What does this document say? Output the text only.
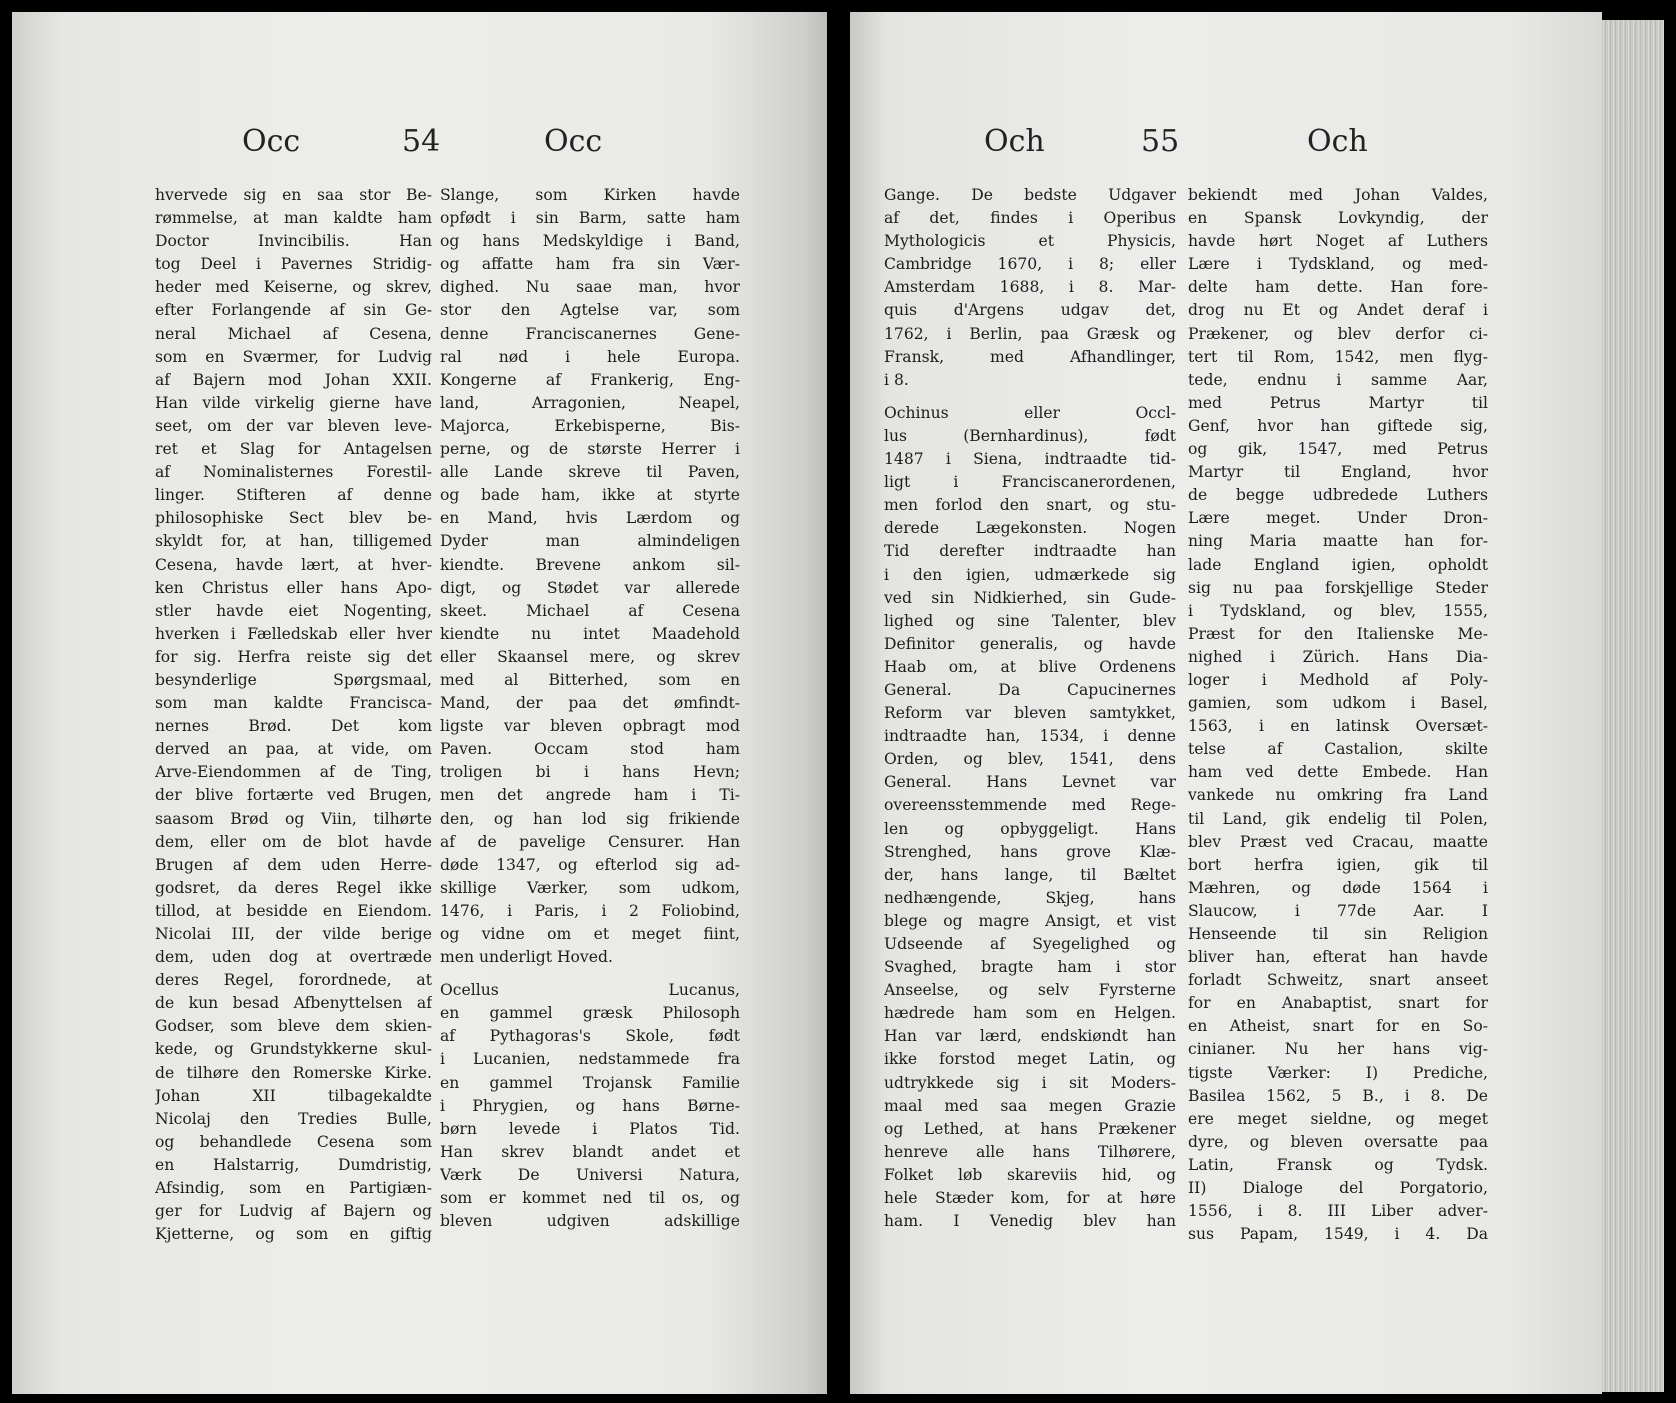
Occ	54	Occ
hvervede sig en saa stor Be-
rømmelse, at man kaldte ham
Doctor Invincibilis. Han
tog Deel i Pavernes Stridig-
heder med Keiserne, og skrev,
efter Forlangende af sin Ge-
neral Michael af Cesena,
som en Sværmer, for Ludvig
af Bajern mod Johan XXII.
Han vilde virkelig gierne have
seet, om der var bleven leve-
ret et Slag for Antagelsen
af Nominalisternes Forestil-
linger. Stifteren af denne
philosophiske Sect blev be-
skyldt for, at han, tilligemed
Cesena, havde lært, at hver-
ken Christus eller hans Apo-
stler havde eiet Nogenting,
hverken i Fælledskab eller hver
for sig. Herfra reiste sig det
besynderlige Spørgsmaal,
som man kaldte Francisca-
nernes Brød. Det kom
derved an paa, at vide, om
Arve-Eiendommen af de Ting,
der blive fortærte ved Brugen,
saasom Brød og Viin, tilhørte
dem, eller om de blot havde
Brugen af dem uden Herre-
godsret, da deres Regel ikke
tillod, at besidde en Eiendom.
Nicolai III, der vilde berige
dem, uden dog at overtræde
deres Regel, forordnede, at
de kun besad Afbenyttelsen af
Godser, som bleve dem skien-
kede, og Grundstykkerne skul-
de tilhøre den Romerske Kirke.
Johan XII tilbagekaldte
Nicolaj den Tredies Bulle,
og behandlede Cesena som
en Halstarrig, Dumdristig,
Afsindig, som en Partigiæn-
ger for Ludvig af Bajern og
Kjetterne, og som en giftig
Slange, som Kirken havde
opfødt i sin Barm, satte ham
og hans Medskyldige i Band,
og affatte ham fra sin Vær-
dighed. Nu saae man, hvor
stor den Agtelse var, som
denne Franciscanernes Gene-
ral nød i hele Europa.
Kongerne af Frankerig, Eng-
land, Arragonien, Neapel,
Majorca, Erkebisperne, Bis-
perne, og de største Herrer i
alle Lande skreve til Paven,
og bade ham, ikke at styrte
en Mand, hvis Lærdom og
Dyder man almindeligen
kiendte. Brevene ankom sil-
digt, og Stødet var allerede
skeet. Michael af Cesena
kiendte nu intet Maadehold
eller Skaansel mere, og skrev
med al Bitterhed, som en
Mand, der paa det ømfindt-
ligste var bleven opbragt mod
Paven. Occam stod ham
troligen bi i hans Hevn;
men det angrede ham i Ti-
den, og han lod sig frikiende
af de pavelige Censurer. Han
døde 1347, og efterlod sig ad-
skillige Værker, som udkom,
1476, i Paris, i 2 Foliobind,
og vidne om et meget fiint,
men underligt Hoved.
Ocellus Lucanus,
en gammel græsk Philosoph
af Pythagoras's Skole, født
i Lucanien, nedstammede fra
en gammel Trojansk Familie
i Phrygien, og hans Børne-
børn levede i Platos Tid.
Han skrev blandt andet et
Værk De Universi Natura,
som er kommet ned til os, og
bleven udgiven adskillige
Och	55	Och
Gange. De bedste Udgaver
af det, findes i Operibus
Mythologicis et Physicis,
Cambridge 1670, i 8; eller
Amsterdam 1688, i 8. Mar-
quis d'Argens udgav det,
1762, i Berlin, paa Græsk og
Fransk, med Afhandlinger,
i 8.
Ochinus eller Occl-
lus (Bernhardinus), født
1487 i Siena, indtraadte tid-
ligt i Franciscanerordenen,
men forlod den snart, og stu-
derede Lægekonsten. Nogen
Tid derefter indtraadte han
i den igien, udmærkede sig
ved sin Nidkierhed, sin Gude-
lighed og sine Talenter, blev
Definitor generalis, og havde
Haab om, at blive Ordenens
General. Da Capucinernes
Reform var bleven samtykket,
indtraadte han, 1534, i denne
Orden, og blev, 1541, dens
General. Hans Levnet var
overeensstemmende med Rege-
len og opbyggeligt. Hans
Strenghed, hans grove Klæ-
der, hans lange, til Bæltet
nedhængende, Skjeg, hans
blege og magre Ansigt, et vist
Udseende af Syegelighed og
Svaghed, bragte ham i stor
Anseelse, og selv Fyrsterne
hædrede ham som en Helgen.
Han var lærd, endskiøndt han
ikke forstod meget Latin, og
udtrykkede sig i sit Moders-
maal med saa megen Grazie
og Lethed, at hans Prækener
henreve alle hans Tilhørere,
Folket løb skareviis hid, og
hele Stæder kom, for at høre
ham. I Venedig blev han
bekiendt med Johan Valdes,
en Spansk Lovkyndig, der
havde hørt Noget af Luthers
Lære i Tydskland, og med-
delte ham dette. Han fore-
drog nu Et og Andet deraf i
Prækener, og blev derfor ci-
tert til Rom, 1542, men flyg-
tede, endnu i samme Aar,
med Petrus Martyr til
Genf, hvor han giftede sig,
og gik, 1547, med Petrus
Martyr til England, hvor
de begge udbredede Luthers
Lære meget. Under Dron-
ning Maria maatte han for-
lade England igien, opholdt
sig nu paa forskjellige Steder
i Tydskland, og blev, 1555,
Præst for den Italienske Me-
nighed i Zürich. Hans Dia-
loger i Medhold af Poly-
gamien, som udkom i Basel,
1563, i en latinsk Oversæt-
telse af Castalion, skilte
ham ved dette Embede. Han
vankede nu omkring fra Land
til Land, gik endelig til Polen,
blev Præst ved Cracau, maatte
bort herfra igien, gik til
Mæhren, og døde 1564 i
Slaucow, i 77de Aar. I
Henseende til sin Religion
bliver han, efterat han havde
forladt Schweitz, snart anseet
for en Anabaptist, snart for
en Atheist, snart for en So-
cinianer. Nu her hans vig-
tigste Værker: I) Prediche,
Basilea 1562, 5 B., i 8. De
ere meget sieldne, og meget
dyre, og bleven oversatte paa
Latin, Fransk og Tydsk.
II) Dialoge del Porgatorio,
1556, i 8. III Liber adver-
sus Papam, 1549, i 4. Da
